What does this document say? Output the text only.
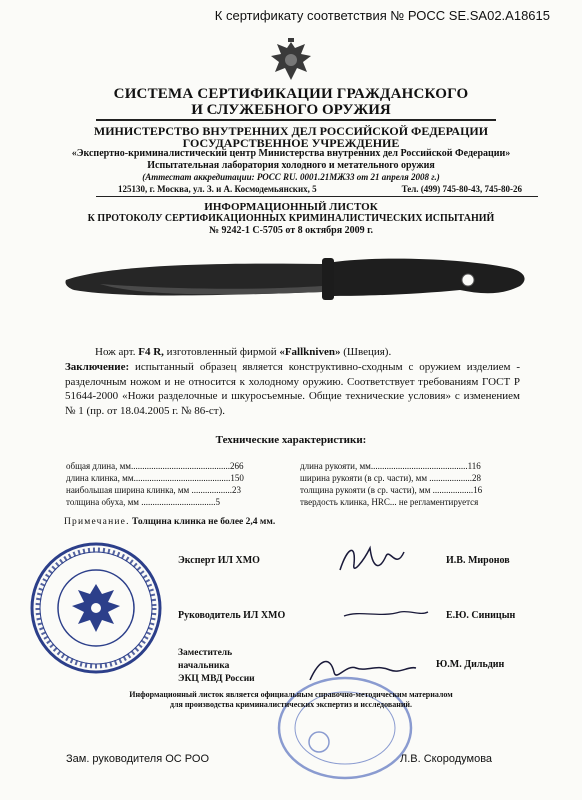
К сертификату соответствия № РОСС SE.SA02.A18615
СИСТЕМА СЕРТИФИКАЦИИ ГРАЖДАНСКОГО
И СЛУЖЕБНОГО ОРУЖИЯ
МИНИСТЕРСТВО ВНУТРЕННИХ ДЕЛ РОССИЙСКОЙ ФЕДЕРАЦИИ
ГОСУДАРСТВЕННОЕ УЧРЕЖДЕНИЕ
«Экспертно-криминалистический центр Министерства внутренних дел Российской Федерации»
Испытательная лаборатория холодного и метательного оружия
(Аттестат аккредитации: РОСС RU. 0001.21МЖ33 от 21 апреля 2008 г.)
125130, г. Москва, ул. З. и А. Космодемьянских, 5	Тел. (499) 745-80-43, 745-80-26
ИНФОРМАЦИОННЫЙ ЛИСТОК
К ПРОТОКОЛУ СЕРТИФИКАЦИОННЫХ КРИМИНАЛИСТИЧЕСКИХ ИСПЫТАНИЙ
№ 9242-1 С-5705 от 8 октября 2009 г.
Нож арт. F4 R, изготовленный фирмой «Fallkniven» (Швеция).
Заключение: испытанный образец является конструктивно-сходным с оружием изделием - разделочным ножом и не относится к холодному оружию. Соответствует требованиям ГОСТ Р 51644-2000 «Ножи разделочные и шкуросъемные. Общие технические условия» с изменением № 1 (пр. от 18.04.2005 г. № 86-ст).
Технические характеристики:
общая длина, мм............................................266
длина клинка, мм...........................................150
наибольшая ширина клинка, мм ..................23
толщина обуха, мм .................................5
длина рукояти, мм...........................................116
ширина рукояти (в ср. части), мм ...................28
толщина рукояти (в ср. части), мм ..................16
твердость клинка, HRC... не регламентируется
Примечание. Толщина клинка не более 2,4 мм.
Эксперт ИЛ ХМО	И.В. Миронов
Руководитель ИЛ ХМО	Е.Ю. Синицын
Заместитель
начальника
ЭКЦ МВД России
Ю.М. Дильдин
Информационный листок является официальным справочно-методическим материалом
для производства криминалистических экспертиз и исследований.
Зам. руководителя ОС РОО	Л.В. Скородумова
